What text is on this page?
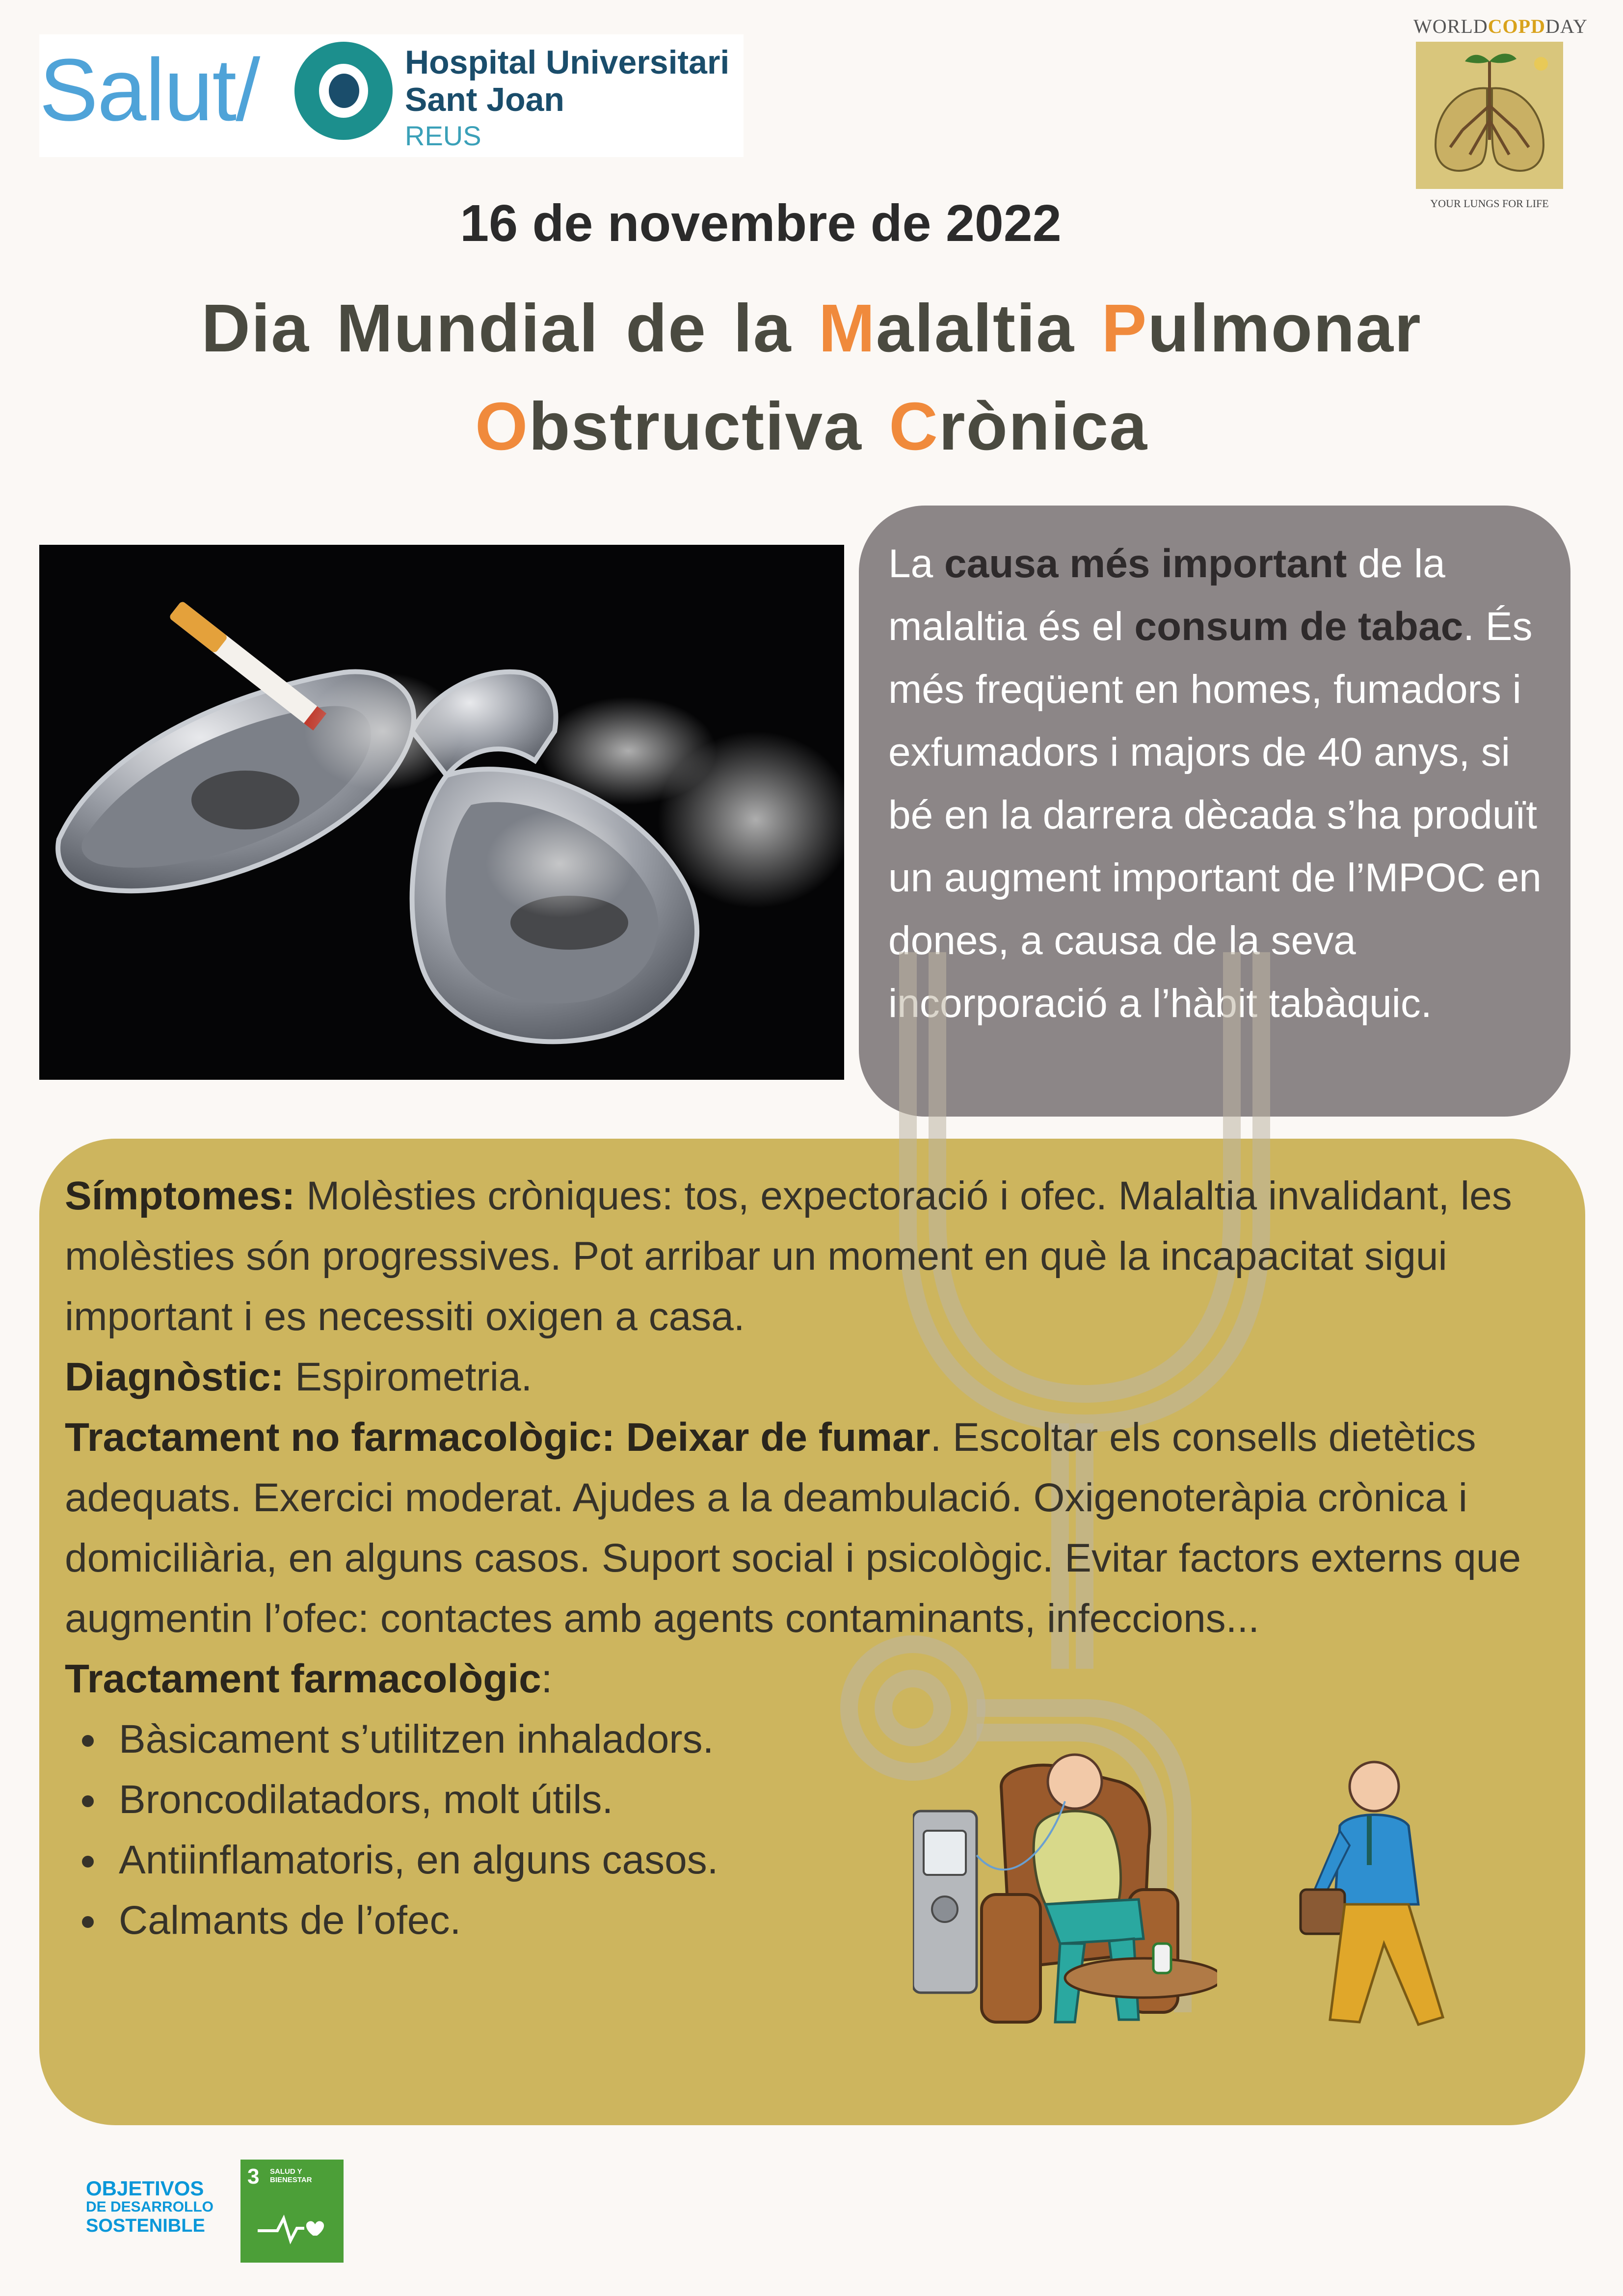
Salut/	Hospital Universitari
Sant Joan
REUS
WORLDCOPDDAY
YOUR LUNGS FOR LIFE
16 de novembre de 2022
Dia Mundial de la Malaltia Pulmonar
Obstructiva Crònica
La causa més important de la malaltia és el consum de tabac. És més freqüent en homes, fumadors i exfumadors i majors de 40 anys, si bé en la darrera dècada s’ha produït un augment important de l’MPOC en dones, a causa de la seva incorporació a l’hàbit tabàquic.
Símptomes: Molèsties cròniques: tos, expectoració i ofec. Malaltia invalidant, les molèsties són progressives. Pot arribar un moment en què la incapacitat sigui important i es necessiti oxigen a casa.
Diagnòstic: Espirometria.
Tractament no farmacològic: Deixar de fumar. Escoltar els consells dietètics adequats. Exercici moderat. Ajudes a la deambulació. Oxigenoteràpia crònica i domiciliària, en alguns casos. Suport social i psicològic. Evitar factors externs que augmentin l’ofec: contactes amb agents contaminants, infeccions...
Tractament farmacològic:
• Bàsicament s’utilitzen inhaladors.
• Broncodilatadors, molt útils.
• Antiinflamatoris, en alguns casos.
• Calmants de l’ofec.
OBJETIVOS
DE DESARROLLO
SOSTENIBLE
3 SALUD Y BIENESTAR
